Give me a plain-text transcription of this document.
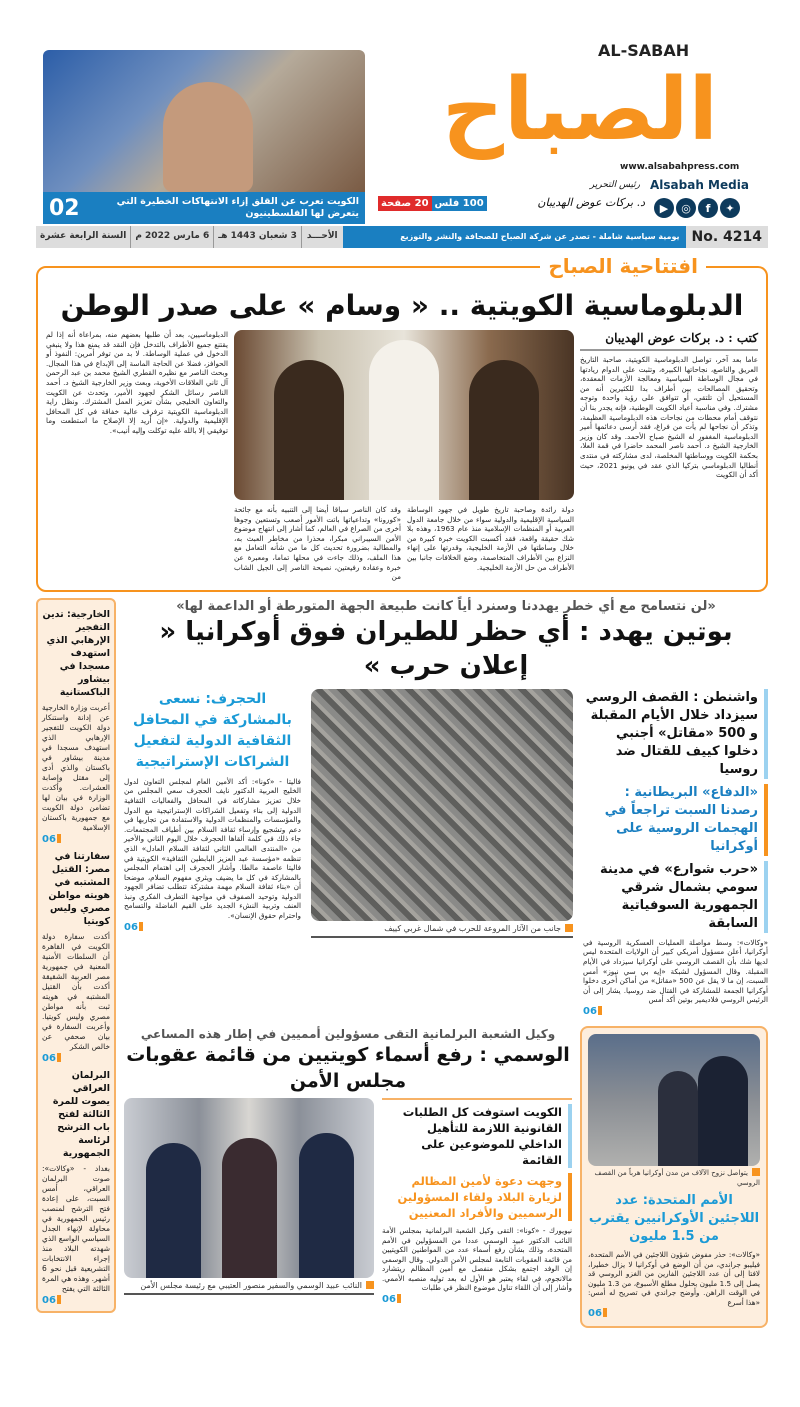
02	الكويت تعرب عن القلق إزاء الانتهاكات الخطيرة التي يتعرض لها الفلسطينيون
AL-SABAH
الصباح
www.alsabahpress.com
Alsabah Media
▶	◎	f	✦
رئيس التحرير
د. بركات عوض الهديبان
20 صفحة 100 فلس
السنة الرابعة عشرة	6 مارس 2022 م	3 شعبان 1443 هـ	الأحـــد	يومية سياسية شاملة - تصدر عن شركة الصباح للصحافة والنشر والتوزيع No. 4214
افتتاحية الصباح
الدبلوماسية الكويتية .. « وسام » على صدر الوطن
كتب : د. بركات عوض الهديبان
عاما بعد آخر، تواصل الدبلوماسية الكويتية، صاحبة التاريخ العريق والناصع، نجاحاتها الكبيرة، وتثبت على الدوام ريادتها في مجال الوساطة السياسية ومعالجة الأزمات المعقدة، وتحقيق المصالحات بين أطراف بدا للكثيرين أنه من المستحيل أن تلتقي، أو تتوافق على رؤية واحدة وتوجه مشترك. وفي مناسبة أعياد الكويت الوطنية، فإنه يجدر بنا أن نتوقف أمام محطات من نجاحات هذه الدبلوماسية العظيمة، وتذكر أن نجاحها لم يأت من فراغ، فقد أرسى دعائمها أمير الدبلوماسية المغفور له الشيخ صباح الأحمد. وقد كان وزير الخارجية الشيخ د. أحمد ناصر المحمد حاضرا في قمة العلا، بحكمة الكويت ووساطتها المخلصة، لدى مشاركته في منتدى أنطاليا الدبلوماسي بتركيا الذي عقد في يونيو 2021، حيث أكد أن الكويت
دولة رائدة وصاحبة تاريخ طويل في جهود الوساطة السياسية الإقليمية والدولية سواء من خلال جامعة الدول العربية أو المنظمات الإسلامية منذ عام 1963، وهذه بلا شك حقيقة واقعة، فقد أكسبت الكويت خبرة كبيرة من خلال وساطتها في الأزمة الخليجية، وقدرتها على إنهاء النزاع بين الأطراف المتخاصمة، وضع الخلافات جانبا بين الأطراف من حل الأزمة الخليجية.
وقد كان الناصر سباقا أيضا إلى التنبيه بأنه مع جائحة «كورونا» وتداعياتها باتت الأمور أصعب وتستعين وجوها أخرى من الصراع في العالم، كما أشار إلى انتهاج موضوع الأمن السيبراني مبكرا، محذرا من مخاطر العبث به، والمطالبة بضرورة تحديث كل ما من شأنه التعامل مع هذا الملف، وذلك جاءت في محلها تماما، ومعبرة عن خبرة وعقادة رفيعتين، نصيحة الناصر إلى الجيل الشاب من
الدبلوماسيين، بعد أن طلبها بعضهم منه، بمراعاة أنه إذا لم يقتنع جميع الأطراف بالتدخل فإن النقد قد يمنع هذا ولا ينبغي الدخول في عملية الوساطة. لا بد من توفر أمرين: النفوذ أو الحوافز، فضلا عن الحاجة الماسة إلى الإبداع في هذا المجال. وبحث الناصر مع نظيره القطري الشيخ محمد بن عبد الرحمن آل ثاني العلاقات الأخوية، وبعث وزير الخارجية الشيخ د. أحمد الناصر رسائل الشكر لجهود الأمير، وتحدث عن الكويت والتعاون الخليجي بشأن تعزيز العمل المشترك. ونظل راية الدبلوماسية الكويتية ترفرف عالية خفاقة في كل المحافل الإقليمية والدولية. «إن أريد إلا الإصلاح ما استطعت وما توفيقي إلا بالله عليه توكلت وإليه أنيب».
الخارجية: تدين التفجير الإرهابي الذي استهدف مسجدا في بيشاور الباكستانية
أعربت وزارة الخارجية عن إدانة واستنكار دولة الكويت للتفجير الإرهابي الذي استهدف مسجدا في مدينة بيشاور في باكستان والذي أدى إلى مقتل وإصابة العشرات. وأكدت الوزارة في بيان لها تضامن دولة الكويت مع جمهورية باكستان الإسلامية
06
سفارتنا في مصر: القتيل المشتبه في هويته مواطن مصري وليس كويتيا
أكدت سفارة دولة الكويت في القاهرة أن السلطات الأمنية المعنية في جمهورية مصر العربية الشقيقة أكدت بأن القتيل المشتبه في هويته ثبت بأنه مواطن مصري وليس كويتيا. وأعربت السفارة في بيان صحفي عن خالص الشكر
06
البرلمان العراقي يصوت للمرة الثالثة لفتح باب الترشح لرئاسة الجمهورية
بغداد - «وكالات»: صوت البرلمان العراقي، أمس السبت، على إعادة فتح الترشح لمنصب رئيس الجمهورية في محاولة لإنهاء الجدل السياسي الواسع الذي شهدته البلاد منذ إجراء الانتخابات التشريعية قبل نحو 6 أشهر. وهذه هي المرة الثالثة التي يفتح
06
«لن نتسامح مع أي خطر يهددنا وسنرد أياً كانت طبيعة الجهة المتورطة أو الداعمة لها»
بوتين يهدد : أي حظر للطيران فوق أوكرانيا « إعلان حرب »
واشنطن : القصف الروسي سيزداد خلال الأيام المقبلة و 500 «مقاتل» أجنبي دخلوا كييف للقتال ضد روسيا
«الدفاع» البريطانية : رصدنا السبت تراجعاً في الهجمات الروسية على أوكرانيا
«حرب شوارع» في مدينة سومي بشمال شرقي الجمهورية السوفياتية السابقة
«وكالات»: وسط مواصلة العمليات العسكرية الروسية في أوكرانيا، أعلن مسؤول أمريكي كبير أن الولايات المتحدة ليس لديها شك بأن القصف الروسي على أوكرانيا سيزداد في الأيام المقبلة. وقال المسؤول لشبكة «إيه بي سي نيوز» أمس السبت، إن ما لا يقل عن 500 «مقاتل» من أماكن أخرى دخلوا أوكرانيا الجمعة للمشاركة في القتال ضد روسيا. يشار إلى أن الرئيس الروسي فلاديمير بوتين أكد أمس
06
جانب من الآثار المروعة للحرب في شمال غربي كييف
الحجرف: نسعى بالمشاركة في المحافل الثقافية الدولية لتفعيل الشراكات الإستراتيجية
فاليتا - «كونا»: أكد الأمين العام لمجلس التعاون لدول الخليج العربية الدكتور نايف الحجرف سعي المجلس من خلال تعزيز مشاركاته في المحافل والفعاليات الثقافية الدولية إلى بناء وتفعيل الشراكات الإستراتيجية مع الدول والمؤسسات والمنظمات الدولية والاستفادة من تجاربها في دعم وتشجيع وإرساء ثقافة السلام بين أطياف المجتمعات. جاء ذلك في كلمة ألقاها الحجرف خلال اليوم الثاني والأخير من «المنتدى العالمي الثاني لثقافة السلام العادل» الذي تنظمه «مؤسسة عبد العزيز البابطين الثقافية» الكويتية في فاليتا عاصمة مالطا. وأشار الحجرف إلى اهتمام المجلس بالمشاركة في كل ما يضيف ويثري مفهوم السلام، موضحا أن «بناء ثقافة السلام مهمة مشتركة تتطلب تضافر الجهود الدولية وتوحيد الصفوف في مواجهة التطرف الفكري ونبذ العنف وتربية النشء الجديد على القيم الفاضلة والتسامح واحترام حقوق الإنسان».
06
يتواصل نزوح الآلاف من مدن أوكرانيا هرباً من القصف الروسي
الأمم المتحدة: عدد اللاجئين الأوكرانيين يقترب من 1.5 مليون
«وكالات»: حذر مفوض شؤون اللاجئين في الأمم المتحدة، فيليبو جراندي، من أن الوضع في أوكرانيا لا يزال خطيرا، لافتا إلى أن عدد اللاجئين الفارين من الغزو الروسي قد يصل إلى 1.5 مليون بحلول مطلع الأسبوع، من 1.3 مليون في الوقت الراهن. وأوضح جراندي في تصريح له أمس: «هذا أسرع
06
وكيل الشعبة البرلمانية التقى مسؤولين أمميين في إطار هذه المساعي
الوسمي : رفع أسماء كويتيين من قائمة عقوبات مجلس الأمن
الكويت استوفت كل الطلبات القانونية اللازمة للتأهيل الداخلي للموضوعين على القائمة
وجهت دعوة لأمين المظالم لزيارة البلاد ولقاء المسؤولين الرسميين والأفراد المعنيين
نيويورك - «كونا»: التقى وكيل الشعبة البرلمانية بمجلس الأمة النائب الدكتور عبيد الوسمي عددا من المسؤولين في الأمم المتحدة، وذلك بشأن رفع أسماء عدد من المواطنين الكويتيين من قائمة العقوبات التابعة لمجلس الأمن الدولي. وقال الوسمي إن الوفد اجتمع بشكل منفصل مع أمين المظالم ريتشارد مالانجوم، في لقاء يعتبر هو الأول له بعد توليه منصبه الأممي. وأشار إلى أن اللقاء تناول موضوع النظر في طلبات
06
النائب عبيد الوسمي والسفير منصور العتيبي مع رئيسة مجلس الأمن
